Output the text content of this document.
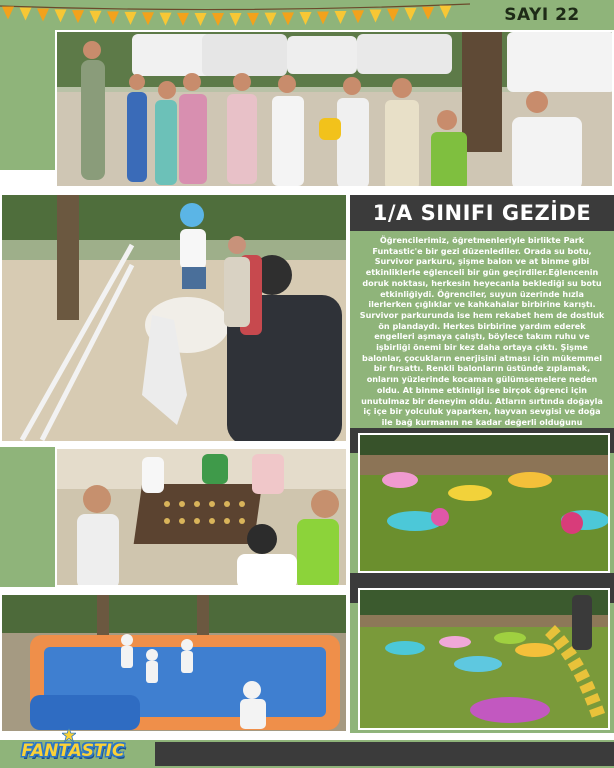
SAYI 22
1/A SINIFI GEZİDE

Öğrencilerimiz, öğretmenleriyle birlikte Park Funtastic'e bir gezi düzenlediler. Orada su botu, Survivor parkuru, şişme balon ve at binme gibi etkinliklerle eğlenceli bir gün geçirdiler.Eğlencenin doruk noktası, herkesin heyecanla beklediği su botu etkinliğiydi. Öğrenciler, suyun üzerinde hızla ilerlerken çığlıklar ve kahkahalar birbirine karıştı. Survivor parkurunda ise hem rekabet hem de dostluk ön plandaydı. Herkes birbirine yardım ederek engelleri aşmaya çalıştı, böylece takım ruhu ve işbirliği önemi bir kez daha ortaya çıktı. Şişme balonlar, çocukların enerjisini atması için mükemmel bir fırsattı. Renkli balonların üstünde zıplamak, onların yüzlerinde kocaman gülümsemelere neden oldu. At binme etkinliği ise birçok öğrenci için unutulmaz bir deneyim oldu. Atların sırtında doğayla iç içe bir yolculuk yaparken, hayvan sevgisi ve doğa ile bağ kurmanın ne kadar değerli olduğunu

FANTASTIC
